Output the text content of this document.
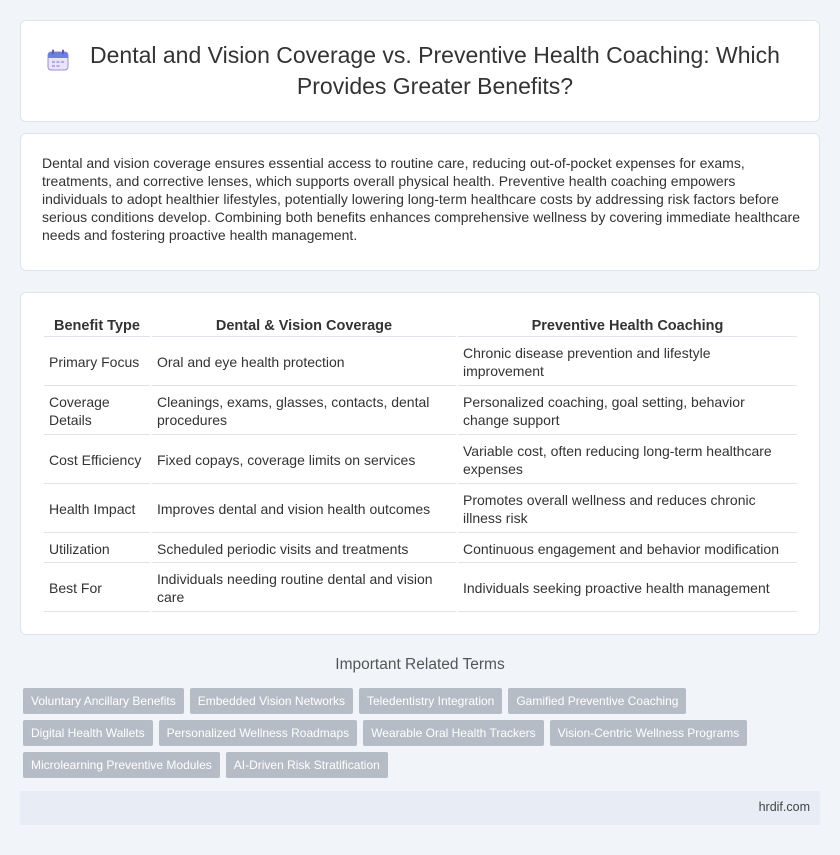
Dental and Vision Coverage vs. Preventive Health Coaching: Which Provides Greater Benefits?

Dental and vision coverage ensures essential access to routine care, reducing out-of-pocket expenses for exams, treatments, and corrective lenses, which supports overall physical health. Preventive health coaching empowers individuals to adopt healthier lifestyles, potentially lowering long-term healthcare costs by addressing risk factors before serious conditions develop. Combining both benefits enhances comprehensive wellness by covering immediate healthcare needs and fostering proactive health management.

Benefit Type	Dental & Vision Coverage	Preventive Health Coaching
Primary Focus	Oral and eye health protection	Chronic disease prevention and lifestyle improvement
Coverage Details	Cleanings, exams, glasses, contacts, dental procedures	Personalized coaching, goal setting, behavior change support
Cost Efficiency	Fixed copays, coverage limits on services	Variable cost, often reducing long-term healthcare expenses
Health Impact	Improves dental and vision health outcomes	Promotes overall wellness and reduces chronic illness risk
Utilization	Scheduled periodic visits and treatments	Continuous engagement and behavior modification
Best For	Individuals needing routine dental and vision care	Individuals seeking proactive health management
Important Related Terms
Voluntary Ancillary Benefits	Embedded Vision Networks	Teledentistry Integration	Gamified Preventive Coaching
Digital Health Wallets	Personalized Wellness Roadmaps	Wearable Oral Health Trackers	Vision-Centric Wellness Programs
Microlearning Preventive Modules	AI-Driven Risk Stratification
hrdif.com
